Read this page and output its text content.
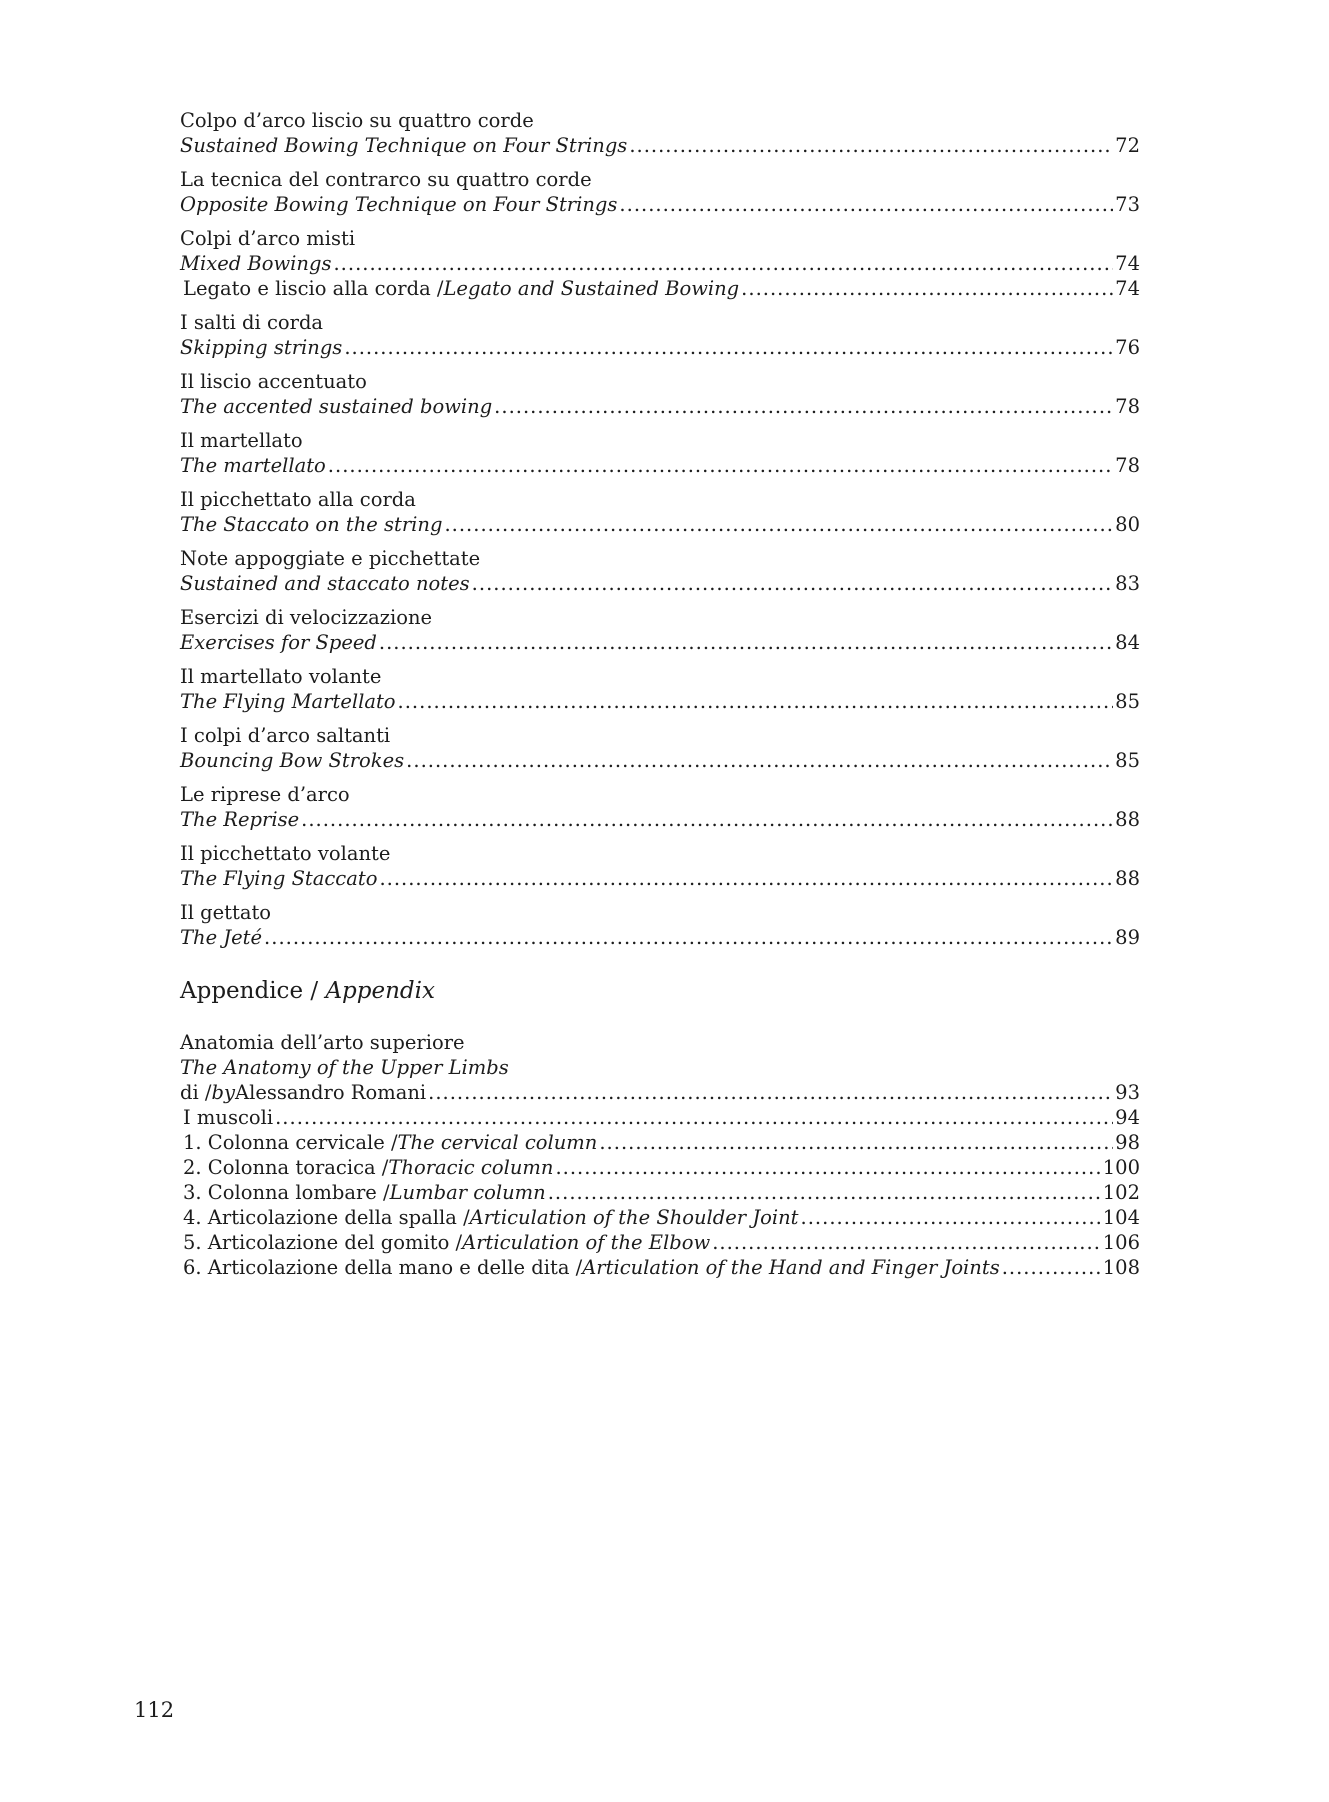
Colpo d’arco liscio su quattro corde
Sustained Bowing Technique on Four Strings .....	72
La tecnica del contrarco su quattro corde
Opposite Bowing Technique on Four Strings .....	73
Colpi d’arco misti
Mixed Bowings .....	74
Legato e liscio alla corda / Legato and Sustained Bowing .....	74
I salti di corda
Skipping strings .....	76
Il liscio accentuato
The accented sustained bowing .....	78
Il martellato
The martellato .....	78
Il picchettato alla corda
The Staccato on the string .....	80
Note appoggiate e picchettate
Sustained and staccato notes .....	83
Esercizi di velocizzazione
Exercises for Speed .....	84
Il martellato volante
The Flying Martellato .....	85
I colpi d’arco saltanti
Bouncing Bow Strokes .....	85
Le riprese d’arco
The Reprise .....	88
Il picchettato volante
The Flying Staccato .....	88
Il gettato
The Jeté .....	89
Appendice / Appendix
Anatomia dell’arto superiore
The Anatomy of the Upper Limbs
di / by Alessandro Romani .....	93
I muscoli .....	94
1. Colonna cervicale / The cervical column .....	98
2. Colonna toracica / Thoracic column .....	100
3. Colonna lombare / Lumbar column .....	102
4. Articolazione della spalla / Articulation of the Shoulder Joint .....	104
5. Articolazione del gomito / Articulation of the Elbow .....	106
6. Articolazione della mano e delle dita / Articulation of the Hand and Finger Joints .....	108
112
